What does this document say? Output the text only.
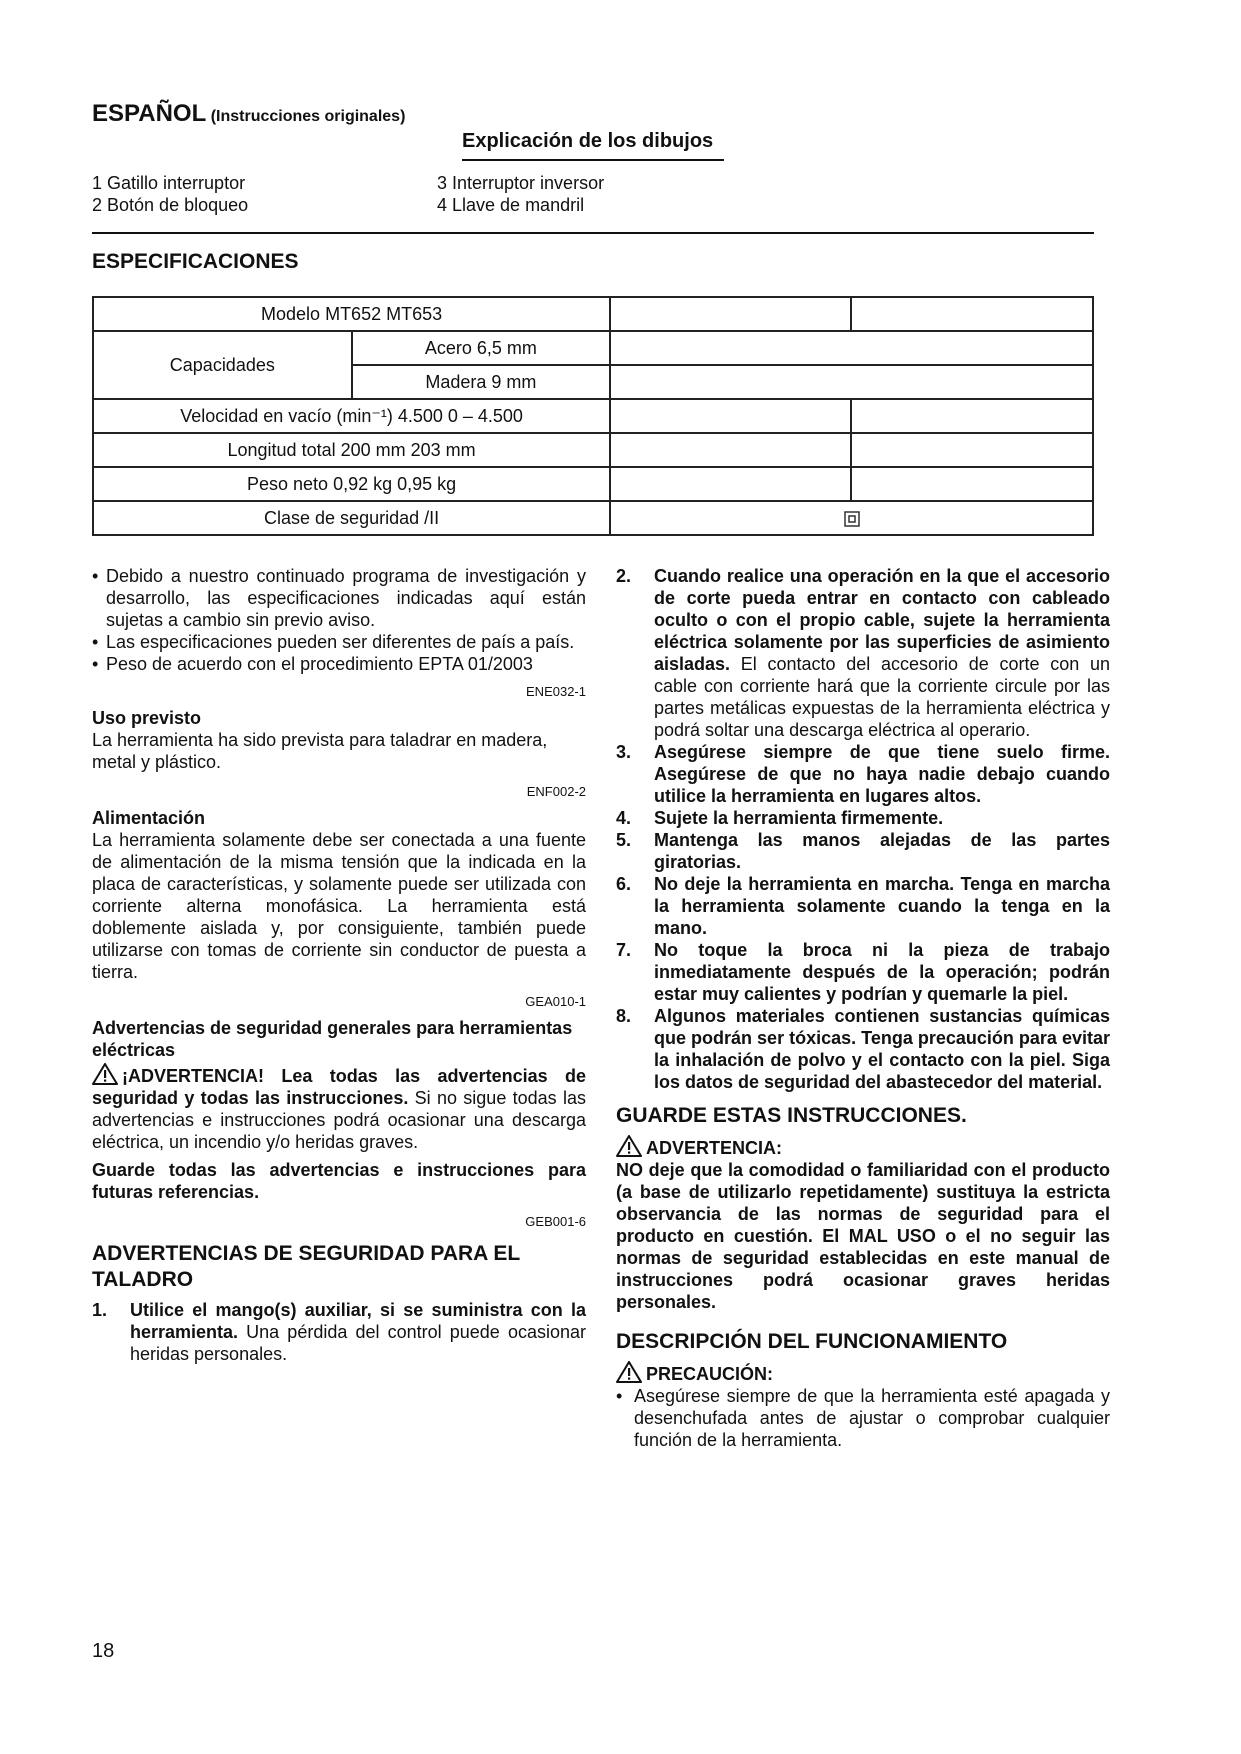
ESPAÑOL (Instrucciones originales)
Explicación de los dibujos
1 Gatillo interruptor
2 Botón de bloqueo
3 Interruptor inversor
4 Llave de mandril
ESPECIFICACIONES
Modelo MT652 MT653			
Capacidades	Acero 6,5 mm		
	Madera 9 mm		
Velocidad en vacío (min⁻¹) 4.500 0 – 4.500			
Longitud total 200 mm 203 mm			
Peso neto 0,92 kg 0,95 kg			
Clase de seguridad /II	
• Debido a nuestro continuado programa de investigación y desarrollo, las especificaciones indicadas aquí están sujetas a cambio sin previo aviso.
• Las especificaciones pueden ser diferentes de país a país.
• Peso de acuerdo con el procedimiento EPTA 01/2003
ENE032-1
Uso previsto
La herramienta ha sido prevista para taladrar en madera, metal y plástico.
ENF002-2
Alimentación
La herramienta solamente debe ser conectada a una fuente de alimentación de la misma tensión que la indicada en la placa de características, y solamente puede ser utilizada con corriente alterna monofásica. La herramienta está doblemente aislada y, por consiguiente, también puede utilizarse con tomas de corriente sin conductor de puesta a tierra.
GEA010-1
Advertencias de seguridad generales para herramientas eléctricas
¡ADVERTENCIA! Lea todas las advertencias de seguridad y todas las instrucciones. Si no sigue todas las advertencias e instrucciones podrá ocasionar una descarga eléctrica, un incendio y/o heridas graves.
Guarde todas las advertencias e instrucciones para futuras referencias.
GEB001-6
ADVERTENCIAS DE SEGURIDAD PARA EL TALADRO
1. Utilice el mango(s) auxiliar, si se suministra con la herramienta. Una pérdida del control puede ocasionar heridas personales.
2. Cuando realice una operación en la que el accesorio de corte pueda entrar en contacto con cableado oculto o con el propio cable, sujete la herramienta eléctrica solamente por las superficies de asimiento aisladas. El contacto del accesorio de corte con un cable con corriente hará que la corriente circule por las partes metálicas expuestas de la herramienta eléctrica y podrá soltar una descarga eléctrica al operario.
3. Asegúrese siempre de que tiene suelo firme. Asegúrese de que no haya nadie debajo cuando utilice la herramienta en lugares altos.
4. Sujete la herramienta firmemente.
5. Mantenga las manos alejadas de las partes giratorias.
6. No deje la herramienta en marcha. Tenga en marcha la herramienta solamente cuando la tenga en la mano.
7. No toque la broca ni la pieza de trabajo inmediatamente después de la operación; podrán estar muy calientes y podrían y quemarle la piel.
8. Algunos materiales contienen sustancias químicas que podrán ser tóxicas. Tenga precaución para evitar la inhalación de polvo y el contacto con la piel. Siga los datos de seguridad del abastecedor del material.
GUARDE ESTAS INSTRUCCIONES.
ADVERTENCIA:
NO deje que la comodidad o familiaridad con el producto (a base de utilizarlo repetidamente) sustituya la estricta observancia de las normas de seguridad para el producto en cuestión. El MAL USO o el no seguir las normas de seguridad establecidas en este manual de instrucciones podrá ocasionar graves heridas personales.
DESCRIPCIÓN DEL FUNCIONAMIENTO
PRECAUCIÓN:
• Asegúrese siempre de que la herramienta esté apagada y desenchufada antes de ajustar o comprobar cualquier función de la herramienta.
18
